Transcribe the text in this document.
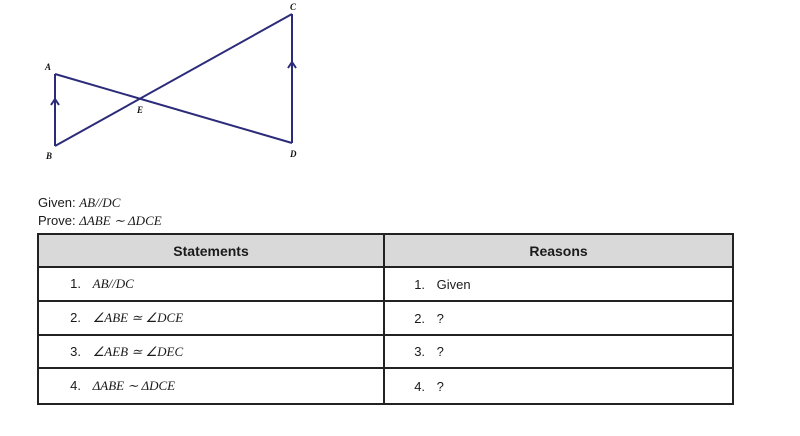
A
B
C
D
E
Given: AB//DC
Prove: ΔABE ∼ ΔDCE
Statements	Reasons
1. AB//DC	1. Given
2. ∠ABE ≃ ∠DCE	2. ?
3. ∠AEB ≃ ∠DEC	3. ?
4. ΔABE ∼ ΔDCE	4. ?
